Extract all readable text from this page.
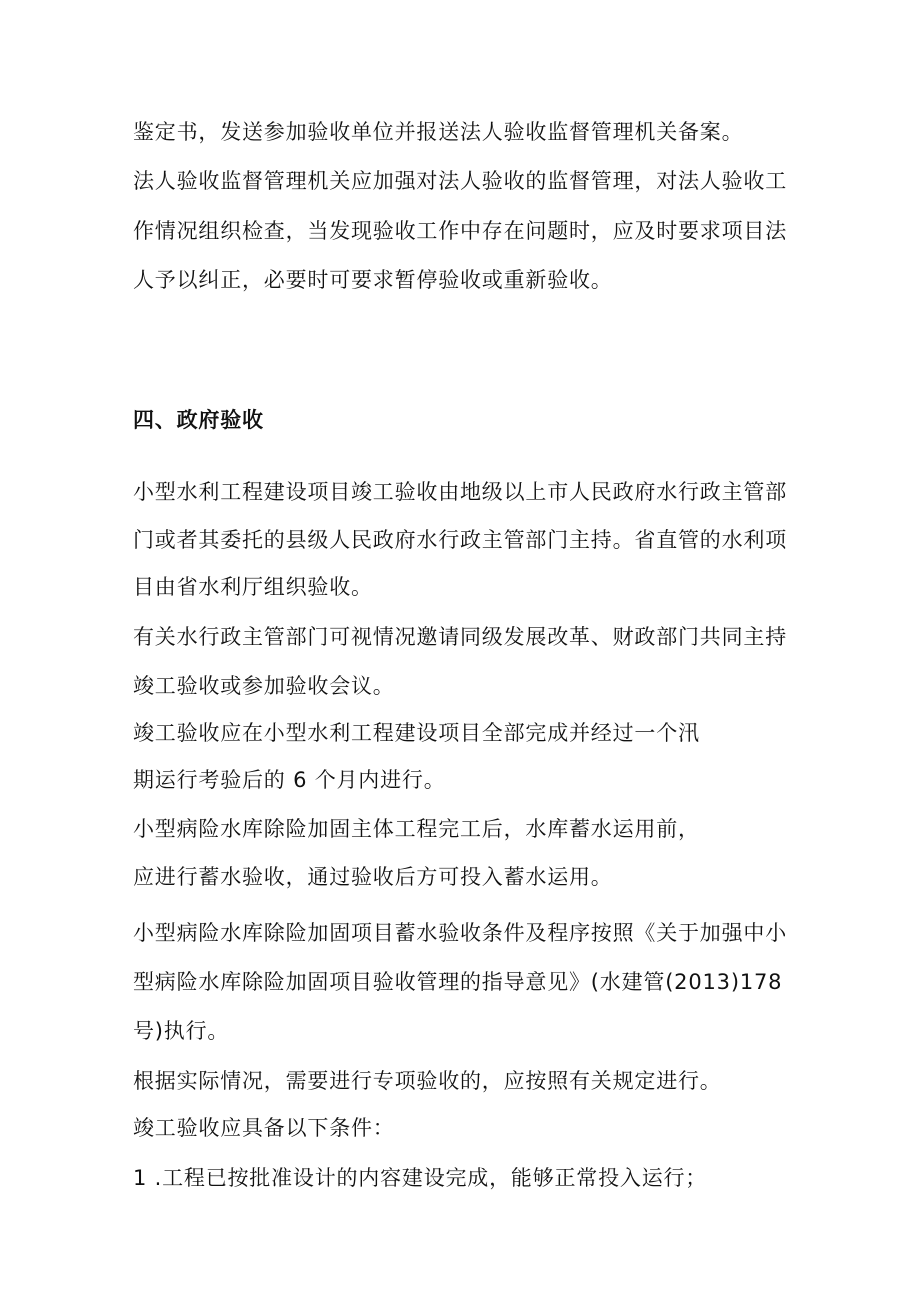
鉴定书，发送参加验收单位并报送法人验收监督管理机关备案。
法人验收监督管理机关应加强对法人验收的监督管理，对法人验收工
作情况组织检查，当发现验收工作中存在问题时，应及时要求项目法
人予以纠正，必要时可要求暂停验收或重新验收。
四、政府验收
小型水利工程建设项目竣工验收由地级以上市人民政府水行政主管部
门或者其委托的县级人民政府水行政主管部门主持。省直管的水利项
目由省水利厅组织验收。
有关水行政主管部门可视情况邀请同级发展改革、财政部门共同主持
竣工验收或参加验收会议。
竣工验收应在小型水利工程建设项目全部完成并经过一个汛
期运行考验后的 6 个月内进行。
小型病险水库除险加固主体工程完工后，水库蓄水运用前，
应进行蓄水验收，通过验收后方可投入蓄水运用。
小型病险水库除险加固项目蓄水验收条件及程序按照《关于加强中小
型病险水库除险加固项目验收管理的指导意见》(水建管(2013)178
号)执行。
根据实际情况，需要进行专项验收的，应按照有关规定进行。
竣工验收应具备以下条件：
1 .工程已按批准设计的内容建设完成，能够正常投入运行；
